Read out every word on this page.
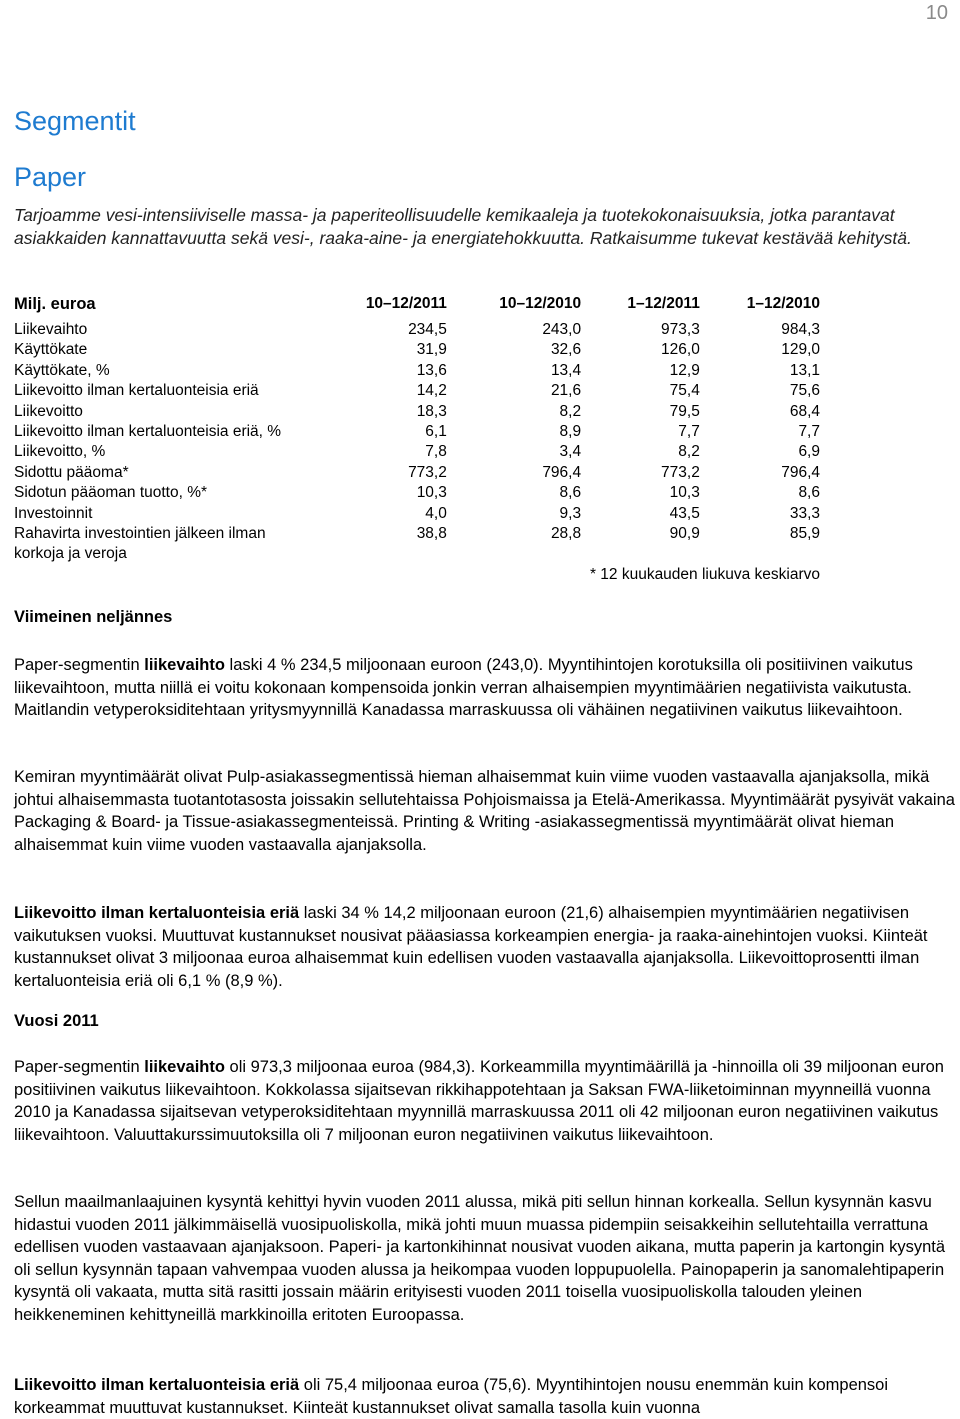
10
Segmentit
Paper

Tarjoamme vesi-intensiiviselle massa- ja paperiteollisuudelle kemikaaleja ja tuotekokonaisuuksia, jotka parantavat asiakkaiden kannattavuutta sekä vesi-, raaka-aine- ja energiatehokkuutta. Ratkaisumme tukevat kestävää kehitystä.

Milj. euroa	10–12/2011	10–12/2010	1–12/2011	1–12/2010
Liikevaihto	234,5	243,0	973,3	984,3
Käyttökate	31,9	32,6	126,0	129,0
Käyttökate, %	13,6	13,4	12,9	13,1
Liikevoitto ilman kertaluonteisia eriä	14,2	21,6	75,4	75,6
Liikevoitto	18,3	8,2	79,5	68,4
Liikevoitto ilman kertaluonteisia eriä, %	6,1	8,9	7,7	7,7
Liikevoitto, %	7,8	3,4	8,2	6,9
Sidottu pääoma*	773,2	796,4	773,2	796,4
Sidotun pääoman tuotto, %*	10,3	8,6	10,3	8,6
Investoinnit	4,0	9,3	43,5	33,3
Rahavirta investointien jälkeen ilman korkoja ja veroja	38,8	28,8	90,9	85,9
* 12 kuukauden liukuva keskiarvo				
Viimeinen neljännes

Paper-segmentin liikevaihto laski 4 % 234,5 miljoonaan euroon (243,0). Myyntihintojen korotuksilla oli positiivinen vaikutus liikevaihtoon, mutta niillä ei voitu kokonaan kompensoida jonkin verran alhaisempien myyntimäärien negatiivista vaikutusta. Maitlandin vetyperoksiditehtaan yritysmyynnillä Kanadassa marraskuussa oli vähäinen negatiivinen vaikutus liikevaihtoon.

Kemiran myyntimäärät olivat Pulp-asiakassegmentissä hieman alhaisemmat kuin viime vuoden vastaavalla ajanjaksolla, mikä johtui alhaisemmasta tuotantotasosta joissakin sellutehtaissa Pohjoismaissa ja Etelä-Amerikassa. Myyntimäärät pysyivät vakaina Packaging & Board- ja Tissue-asiakassegmenteissä. Printing & Writing -asiakassegmentissä myyntimäärät olivat hieman alhaisemmat kuin viime vuoden vastaavalla ajanjaksolla.

Liikevoitto ilman kertaluonteisia eriä laski 34 % 14,2 miljoonaan euroon (21,6) alhaisempien myyntimäärien negatiivisen vaikutuksen vuoksi. Muuttuvat kustannukset nousivat pääasiassa korkeampien energia- ja raaka-ainehintojen vuoksi. Kiinteät kustannukset olivat 3 miljoonaa euroa alhaisemmat kuin edellisen vuoden vastaavalla ajanjaksolla. Liikevoittoprosentti ilman kertaluonteisia eriä oli 6,1 % (8,9 %).

Vuosi 2011

Paper-segmentin liikevaihto oli 973,3 miljoonaa euroa (984,3). Korkeammilla myyntimäärillä ja -hinnoilla oli 39 miljoonan euron positiivinen vaikutus liikevaihtoon. Kokkolassa sijaitsevan rikkihappotehtaan ja Saksan FWA-liiketoiminnan myynneillä vuonna 2010 ja Kanadassa sijaitsevan vetyperoksiditehtaan myynnillä marraskuussa 2011 oli 42 miljoonan euron negatiivinen vaikutus liikevaihtoon. Valuuttakurssimuutoksilla oli 7 miljoonan euron negatiivinen vaikutus liikevaihtoon.

Sellun maailmanlaajuinen kysyntä kehittyi hyvin vuoden 2011 alussa, mikä piti sellun hinnan korkealla. Sellun kysynnän kasvu hidastui vuoden 2011 jälkimmäisellä vuosipuoliskolla, mikä johti muun muassa pidempiin seisakkeihin sellutehtailla verrattuna edellisen vuoden vastaavaan ajanjaksoon. Paperi- ja kartonkihinnat nousivat vuoden aikana, mutta paperin ja kartongin kysyntä oli sellun kysynnän tapaan vahvempaa vuoden alussa ja heikompaa vuoden loppupuolella. Painopaperin ja sanomalehtipaperin kysyntä oli vakaata, mutta sitä rasitti jossain määrin erityisesti vuoden 2011 toisella vuosipuoliskolla talouden yleinen heikkeneminen kehittyneillä markkinoilla eritoten Euroopassa.

Liikevoitto ilman kertaluonteisia eriä oli 75,4 miljoonaa euroa (75,6). Myyntihintojen nousu enemmän kuin kompensoi korkeammat muuttuvat kustannukset. Kiinteät kustannukset olivat samalla tasolla kuin vuonna
